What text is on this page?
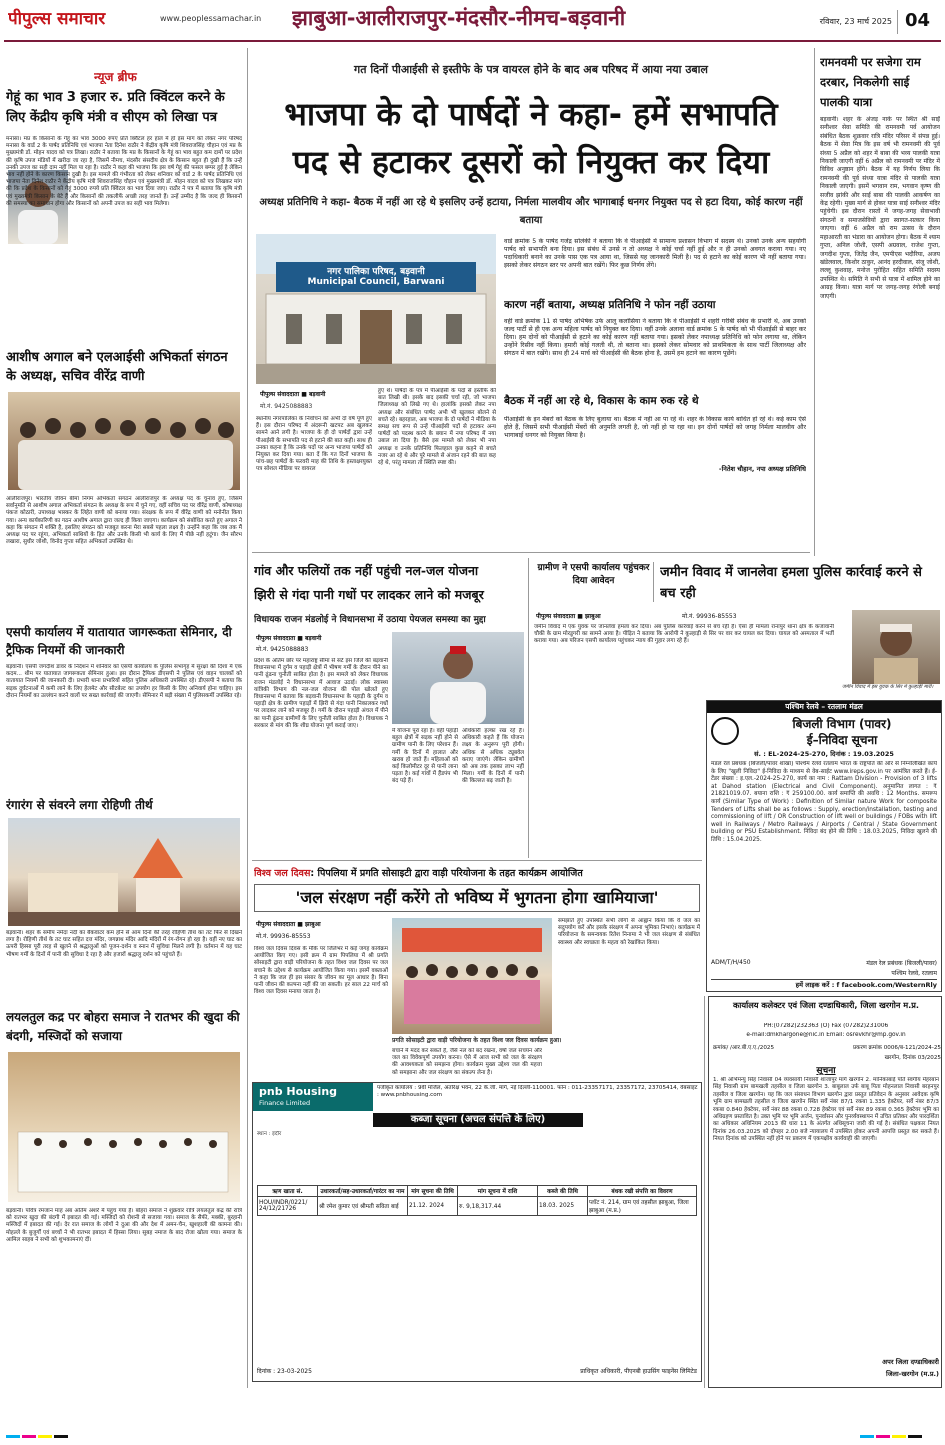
पीपुल्स समाचार	www.peoplessamachar.in	झाबुआ-आलीराजपुर-मंदसौर-नीमच-बड़वानी	रविवार, 23 मार्च 2025 04
न्यूज ब्रीफ
गेहूं का भाव 3 हजार रु. प्रति क्विंटल करने के लिए केंद्रीय कृषि मंत्री व सीएम को लिखा पत्र
मनासा। मप्र के किसानों के गेहूं का भाव 3000 रुपए प्रति क्विंटल हर हाल में हो इस मांग को लेकर नगर परिषद मनासा के वार्ड 2 के पार्षद प्रतिनिधि एवं भाजपा नेता दिनेश राठौर ने केंद्रीय कृषि मंत्री शिवराजसिंह चौहान एवं मप्र के मुख्यमंत्री डॉ. मोहन यादव को पत्र लिखा। राठौर ने बताया कि मप्र के किसानों के गेहूं का भाव बहुत कम दामों पर प्रदेश की कृषि उपज मंडियों में खरीदा जा रहा है, जिसमें नीमच, मंदसौर संसदीय क्षेत्र के किसान बहुत ही दुखी हैं कि उन्हें उनकी उपज का सही दाम नहीं मिल पा रहा है। राठौर ने कहा की भाजपा कि इस वर्ष गेहूं की फसल बम्पर हुई है लेकिन भाव नहीं होने के कारण किसान दुखी है। इस मामले की गंभीरता को लेकर शनिवार को वार्ड 2 के पार्षद प्रतिनिधि एवं भाजपा नेता दिनेश राठौर ने केंद्रीय कृषि मंत्री शिवराजसिंह चौहान एवं मुख्यमंत्री डॉ. मोहन यादव को पत्र लिखकर मांग की कि प्रदेश के किसानों को गेहूं 3000 रुपये प्रति क्विंटल का भाव दिया जाए। राठौर ने पत्र में बताया कि कृषि मंत्री एवं मुख्यमंत्री किसान के बेटे हैं और किसानों की तकलीफें अच्छी तरह जानते हैं। उन्हें उम्मीद है कि जल्द ही किसानों की समस्या का समाधान होगा और किसानों को अपनी उपज का सही भाव मिलेगा।
आशीष अगाल बने एलआईसी अभिकर्ता संगठन के अध्यक्ष, सचिव वीरेंद्र वाणी
आलीराजपुर। भारतीय जीवन बीमा निगम अभिकर्ता संगठन आलीराजपुर के अध्यक्ष पद के चुनाव हुए, जिसमें सर्वानुमति से आशीष अगाल अभिकर्ता संगठन के अध्यक्ष के रूप में चुने गए, वहीं सचिव पद पर वीरेंद्र वाणी, कोषाध्यक्ष पंकज कोठारी, उपाध्यक्ष भास्कर के लिहेत वाणी को बनाया गया। संरक्षक के रूप में वीरेंद्र वाणी को मनोनीत किया गया। अन्य कार्यकारिणी का गठन आशीष अगाल द्वारा जल्द ही किया जाएगा। कार्यक्रम को संबोधित करते हुए अगाल ने कहा कि संगठन में शक्ति है, इसलिए संगठन को मजबूत करना मेरा सबसे पहला लक्ष्य है। उन्होंने कहा कि जब तक मैं अध्यक्ष पद पर रहूंगा, अभिकर्ता साथियों के हित और उनके किसी भी कार्य के लिए मैं पीछे नहीं हटूंगा। जैन सौरभ लखारा, सुधीर जोशी, विनोद गुप्ता सहित अभिकर्ता उपस्थित थे।
एसपी कार्यालय में यातायात जागरूकता सेमिनार, दी ट्रैफिक नियमों की जानकारी
बड़वानी। एसपी जगदीश डावर के निर्देशन में शनिवार को एसपी कार्यालय के पुलिस सभागृह में सुरक्षा की दिशा में एक कदम... थीम पर यातायात जागरूकता सेमिनार हुआ। इस दौरान ट्रैफिक डीएसपी ने पुलिस एवं वाहन चालकों को यातायात नियमों की जानकारी दी। प्रभारी थाना प्रभारियों सहित पुलिस अधिकारी उपस्थित रहे। डीएसपी ने बताया कि सड़क दुर्घटनाओं में कमी लाने के लिए हेलमेट और सीटबेल्ट का उपयोग हर किसी के लिए अनिवार्य होना चाहिए। इस दौरान नियमों का उल्लंघन करने वालों पर सख्त कार्रवाई की जाएगी। सेमिनार में बड़ी संख्या में पुलिसकर्मी उपस्थित रहे।
रंगारंग से संवरने लगा रोहिणी तीर्थ
बड़वानी। शहर के समीप नर्मदा नदी का बैकवाटर कम होने से आम दिनों की तरह रोहिणी तीर्थ का तट फिर से दिखने लगा है। रोहिणी तीर्थ के तट घाट सहित दत्त मंदिर, जगन्नाथ मंदिर आदि मंदिरों में रंग-रोगन हो रहा है। वहीं नए घाट का ऊपरी हिस्सा पूरी तरह से खुलने से श्रद्धालुओं को पूजन-दर्शन व स्नान में सुविधा मिलने लगी है। वर्तमान में यह घाट भीषण गर्मी के दिनों में पानी की सुविधा दे रहा है और हजारों श्रद्धालु दर्शन को पहुंचते हैं।
लयलतुल कद्र पर बोहरा समाज ने रातभर की खुदा की बंदगी, मस्जिदों को सजाया
बड़वानी। पवित्र रमजान माह अब अंतिम अशरे में पहुंच गया है। बोहरा समाज ने शुक्रवार रात्रि लयलतुल कद्र की रात्रि को रातभर खुदा की बंदगी में इबादत की गई। मस्जिदों को रोशनी से सजाया गया। समाज के सैफी, मक्की, बुरहानी मस्जिदों में इबादत की गई। देर रात समाज के लोगों ने दुआ की और देश में अमन-चैन, खुशहाली की कामना की। मोहल्ले के बुजुर्गों एवं बच्चों ने भी रातभर इबादत में हिस्सा लिया। सुबह नमाज के बाद रोजा खोला गया। समाज के आमिल साहब ने सभी को शुभकामनाएं दीं।
गत दिनों पीआईसी से इस्तीफे के पत्र वायरल होने के बाद अब परिषद में आया नया उबाल
भाजपा के दो पार्षदों ने कहा- हमें सभापति
पद से हटाकर दूसरों को नियुक्त कर दिया
अध्यक्ष प्रतिनिधि ने कहा- बैठक में नहीं आ रहे थे इसलिए उन्हें हटाया, निर्मला मालवीय और भागाबाई धनगर नियुक्त पद से हटा दिया, कोई कारण नहीं बताया
नगर पालिका परिषद, बड़वानी
Municipal Council, Barwani
पीपुल्स संवाददाता ■ बड़वानी
मो.नं. 9425088883
स्थानीय नगरपालिका के निर्वाचन को अभी दो वर्ष पूर्ण हुए हैं। इस दौरान परिषद में अंदरूनी खटपट अब खुलकर सामने आने लगी है। भाजपा के ही दो पार्षदों द्वारा उन्हें पीआईसी के सभापति पद से हटाने की बात कही। साथ ही उनका कहना है कि उनके पदों पर अन्य भाजपा पार्षदों को नियुक्त कर दिया गया। बता दें कि गत दिनों भाजपा के पांच-छह पार्षदों के फरवरी माह की तिथि के हस्ताक्षरयुक्त पत्र सोशल मीडिया पर वायरल
हुए थे। पार्षदों के पत्र में पीआईसी के पदों से इस्तीफे की बात लिखी थी। इसके बाद इसकी चर्चा रही, जो भाजपा जिलाध्यक्ष को लिखे गए थे। हालांकि इसको लेकर नपा अध्यक्ष और संबंधित पार्षद अभी भी खुलकर बोलने से बचते रहे। बहरहाल, अब भाजपा के दो पार्षदों ने मीडिया के समक्ष सच रूप से उन्हें पीआईसी पदों से हटाकर अन्य पार्षदों को पदस्थ करने के बयान में नपा परिषद में नया उबाल ला दिया है। बैसे इस मामले को लेकर भी नपा अध्यक्ष व उनके प्रतिनिधि फिलहाल कुछ कहने से बचते नजर आ रहे थे और पूरे मामले से अंजान रहने की बात कह रहे थे, परंतु मामला तो स्थिति स्पष्ट की।
वार्ड क्रमांक 5 के पार्षद गजेंद्र सोलंकी ने बताया कि वे पीआईसी में सामान्य प्रशासन विभाग में सदस्य थे। उनको उनके अन्य सहयोगी पार्षद को सभापति बना दिया। इस संबंध में उनसे न तो अध्यक्ष ने कोई चर्चा नहीं हुई और न ही उनको अवगत कराया गया। नए पदाधिकारी बनाने का उनके पास एक पत्र आया था, जिससे यह जानकारी मिली है। पद से हटाने का कोई कारण भी नहीं बताया गया। इसको लेकर संगठन स्तर पर अपनी बात रखेंगे। फिर कुछ निर्णय लेंगे।
कारण नहीं बताया, अध्यक्ष प्रतिनिधि ने फोन नहीं उठाया
वहीं वार्ड क्रमांक 11 से पार्षद अभिषेक उर्फ आलू कलोसिया ने बताया कि वे पीआईसी में शहरी गरीबी संबंध के प्रभारी थे, अब उनको जल्द पार्टी से ही एक अन्य महिला पार्षद को नियुक्त कर दिया। वहीं उनके अलावा वार्ड क्रमांक 5 के पार्षद को भी पीआईसी से बाहर कर दिया। हम दोनों को पीआईसी से हटाने का कोई कारण नहीं बताया गया। इसको लेकर नपाध्यक्ष प्रतिनिधि को फोन लगाया था, लेकिन उन्होंने रिसीव नहीं किया। हमारी कोई गलती थी, तो बताना था। इसको लेकर सोमवार को प्राथमिकता के साथ पार्टी जिलाध्यक्ष और संगठन में बात रखेंगे। साथ ही 24 मार्च को पीआईसी की बैठक होना है, उसमें हम हटाने का कारण पूछेंगे।
बैठक में नहीं आ रहे थे, विकास के काम रुक रहे थे
पीआईसी के इन मेंबरों को बैठक के लिए बुलाया था। बैठक में नहीं आ पा रहे थे। शहर के विकास कार्य बाधित हो रहे थे। कई काम ऐसे होते हैं, जिसमें सभी पीआईसी मेंबरों की अनुमति लगती है, जो नहीं हो पा रहा था। इन दोनों पार्षदों को जगह निर्मला मालवीय और भागाबाई धनगर को नियुक्त किया है।
-नितेश चौहान, नपा अध्यक्ष प्रतिनिधि
रामनवमी पर सजेगा राम दरबार, निकलेगी साई पालकी यात्रा
बड़वानी। शहर के अंजड़ नाके पर स्थित श्री साईं सनीश्वर सेवा समिति की रामनवमी पर्व आयोजन संबंधित बैठक शुक्रवार रात्रि मंदिर परिसर में संपन्न हुई। बैठक में सेवा मित्र कि इस वर्ष भी रामनवमी की पूर्व संध्या 5 अप्रैल को शहर में बाबा की भव्य पालकी यात्रा निकाली जाएगी वहीं 6 अप्रैल को रामनवमी पर मंदिर में विविध अनुष्ठान होंगे। बैठक में यह निर्णय लिया कि रामनवमी की पूर्व संध्या यात्रा मंदिर से पालकी यात्रा निकाली जाएगी। इसमें भगवान राम, भगवान कृष्ण की सजीव झांकी और साईं बाबा की पालकी आकर्षण का केंद्र रहेगी। मुख्य मार्ग से होकर यात्रा साई सनीश्वर मंदिर पहुंचेगी। इस दौरान रास्तों में जगह-जगह सेवाभावी संगठनों व समाजसेवियों द्वारा स्वागत-सत्कार किया जाएगा। वहीं 6 अप्रैल को राम उत्सव के दौरान महाआरती का भंडारा का आयोजन होगा। बैठक में श्याम गुप्ता, अनिल जोशी, एसपी अग्रवाल, राजेश गुप्ता, जगदीश गुप्ता, जितेंद्र जैन, एमपीएस भदौरिया, अजय खंडेलवाल, किशोर ठाकुर, आनंद हरदीवाल, संजू जोशी, लल्लू कुशवाह, मनोज पुरोहित सहित समिति सदस्य उपस्थित थे। समिति ने सभी से यात्रा में शामिल होने का आग्रह किया। यात्रा मार्ग पर जगह-जगह रंगोली बनाई जाएगी।
गांव और फलियों तक नहीं पहुंची नल-जल योजना
झिरी से गंदा पानी गधों पर लादकर लाने को मजबूर
विधायक राजन मंडलोई ने विधानसभा में उठाया पेयजल समस्या का मुद्दा
पीपुल्स संवाददाता ■ बड़वानी
मो.नं. 9425088883
प्रदेश के अंतिम छोर पर महाराष्ट्र सीमा से सटे इस जिले की बड़वानी विधानसभा में दुर्गम व पहाड़ी क्षेत्रों में भीषण गर्मी के दौरान पीने का पानी ढूंढना चुनौती साबित होता है। इस मामले को लेकर विधायक राजन मंडलोई ने विधानसभा में आवाज उठाई। लोक स्वास्थ्य यांत्रिकी विभाग की नल-जल योजना की पोल खोलते हुए विधानसभा में बताया कि बड़वानी विधानसभा के पहाड़ी के दुर्गम व पहाड़ी क्षेत्र के ग्रामीण पहाड़ों में झिरी से गंदा पानी निकालकर गधों पर लादकर लाने को मजबूर हैं। गर्मी के दौरान पहाड़ी अंचल में पीने का पानी ढूंढना ग्रामीणों के लिए चुनौती साबित होता है। विधायक ने सरकार से मांग की कि शीघ्र योजना पूर्ण कराई जाए।
में योजना पूरा रहा है। वहीं पहाड़ी बहुल क्षेत्रों में सड़क नहीं होने से ग्रामीण पानी के लिए परेशान हैं। गर्मी के दिनों में हालात और खराब हो जाते हैं। महिलाओं को कई किलोमीटर दूर से पानी लाना पड़ता है। कई गांवों में हैंडपंप भी बंद पड़े हैं।
अधिकारी हल्का रख रहे हैं। अधिकारी कहते हैं कि योजना लक्ष्य के अनुरूप पूरी होगी। अधिक से अधिक ट्यूबवेल कराए जाएंगे। लेकिन ग्रामीणों को अब तक इसका लाभ नहीं मिला। गर्मी के दिनों में पानी की किल्लत बढ़ जाती है।
ग्रामीण ने एसपी कार्यालय पहुंचकर दिया आवेदन
जमीन विवाद में जानलेवा हमला पुलिस कार्रवाई करने से बच रही
पीपुल्स संवाददाता ■ झाबुआ	मो.नं. 99936-85553
जमीन विवाद में एक युवक पर जानलेवा हमला कर दिया। अब पुलिस कार्रवाई करने से बच रही है। ऐसा ही मामला रानापुर थाना क्षेत्र के कंजावानी चौकी के ग्राम मोरडूगरी का सामने आया है। पीड़ित ने बताया कि आरोपी ने कुल्हाड़ी से सिर पर वार कर घायल कर दिया। घायल को अस्पताल में भर्ती कराया गया। अब परिजन एसपी कार्यालय पहुंचकर न्याय की गुहार लगा रहे हैं।
जमीन विवाद में इस युवक के सिर में कुल्हाड़ी मारी।
पश्चिम रेलवे – रतलाम मंडल
बिजली विभाग (पावर)
ई–निविदा सूचना
सं. : EL-2024-25-270, दिनांक : 19.03.2025
मंडल रेल प्रबंधक (बिजली/पॉवर शाखा) पश्चिम रेलवे रतलाम भारत के राष्ट्रपति की ओर से निम्नलिखित कार्य के लिए "खुली निविदा" ई-निविदा के माध्यम से वेब-साईट www.ireps.gov.in पर आमंत्रित करते हैं। ई-टेंडर संख्या : इ.एल.-2024-25-270, कार्य का नाम : Rattam Division - Provision of 3 lifts at Dahod station (Electrical and Civil Component). अनुमानित लागत : ₹ 21821019.07. बयाना राशि : ₹ 259100.00. कार्य समाप्ति की अवधि : 12 Months. समरूप कार्य (Similar Type of Work) : Definition of Similar nature Work for composite Tenders of Lifts shall be as follows : Supply, erection/installation, testing and commissioning of lift / OR Construction of lift well or buildings / FOBs with lift well in Railways / Metro Railways / Airports / Central / State Government building or PSU Establishment. निविदा बंद होने की तिथि : 18.03.2025, निविदा खुलने की तिथि : 15.04.2025.
ADM/T/H/450	मंडल रेल प्रबंधक (बिजली/पावर)
पश्चिम रेलवे, रतलाम
हमें लाइक करें : f facebook.com/WesternRly
विश्व जल दिवस: पिपलिया में प्रगति सोसाइटी द्वारा वाड़ी परियोजना के तहत कार्यक्रम आयोजित
'जल संरक्षण नहीं करेंगे तो भविष्य में भुगतना होगा खामियाजा'
पीपुल्स संवाददाता ■ झाबुआ
मो.नं. 99936-85553
प्रगति सोसाइटी द्वारा वाड़ी परियोजना के तहत विश्व जल दिवस कार्यक्रम हुआ।
विश्व जल दिवस दिवस के मौके पर जिलेभर में कई जगह कार्यक्रम आयोजित किए गए। इसी क्रम में ग्राम पिपलिया में श्री प्रगति सोसाइटी द्वारा वाड़ी परियोजना के तहत विश्व जल दिवस पर जल बचाने के उद्देश्य से कार्यक्रम आयोजित किया गया। इसमें वक्ताओं ने कहा कि जल ही इस संसार के जीवन का मूल आधार है। बिना पानी जीवन की कल्पना नहीं की जा सकती। हर साल 22 मार्च को विश्व जल दिवस मनाया जाता है।
बचाने में मदद कर सकते हैं, जैसे नल को बंद रखना, वर्षा जल संचयन और जल का विवेकपूर्ण उपयोग करना। ऐसे में आज सभी को जल के संरक्षण की आवश्यकता को समझना होगा। कार्यक्रम मुख्य उद्देश्य जल की महत्ता को समझाना और जल संरक्षण का संकल्प लेना है।
समझाते हुए उपस्थित सभी लोगों से आह्वान किया कि वे जल का सदुपयोग करें और इसके संरक्षण में अपना भूमिका निभाएं। कार्यक्रम में परियोजना के समन्वयक रितेश निनामा ने भी जल संरक्षण से संबंधित स्वास्थ्य और स्वच्छता के महत्व को रेखांकित किया।
pnb Housing
Finance Limited
पंजीकृत कार्यालय : 9वीं मंजिल, अंतरिक्ष भवन, 22 के.जी. मार्ग, नई दिल्ली-110001. फोन : 011-23357171, 23357172, 23705414, वेबसाइट : www.pnbhousing.com
कब्जा सूचना (अचल संपत्ति के लिए)
स्थान : इंदौर
ऋण खाता सं.	उधारकर्ता/सह-उधारकर्ता/गारंटर का नाम	मांग सूचना की तिथि	मांग सूचना में राशि	कब्जे की तिथि	बंधक रखी संपत्ति का विवरण
HOU/INDR/0221/ 24/12/21726	श्री रमेश कुमार एवं श्रीमती सविता बाई	21.12. 2024	रु. 9,18,317.44	18.03. 2025	प्लॉट नं. 214, ग्राम एवं तहसील झाबुआ, जिला झाबुआ (म.प्र.)
दिनांक : 23-03-2025	प्राधिकृत अधिकारी, पीएनबी हाउसिंग फाइनेंस लिमिटेड
कार्यालय कलेक्टर एवं जिला दण्डाधिकारी, जिला खरगोन म.प्र.
PH:(07282)232363 (O) Fax (07282)231006
e-mail:dmkhargone@nic.in Email: osrevkhr@mp.gov.in
क्रमांक/ /आर.बी.ए.ए./2025	प्रकरण क्रमांक 0006/ब-121/2024-25
खरगोन, दिनांक 03/2025
सूचना
1. श्री अभिमन्यु सिंह निवासी 04 व्यवसायी निवासी शाजापुर मार्ग खरगोन 2. मानिकाबाई पति स्वर्गीय मेहरबान सिंह निवासी ग्राम बामखली तहसील व जिला खरगोन 3. बाबूलाल उर्फ बाबू पिता मोहनलाल निवासी बरहनपुर तहसील व जिला खरगोन। यह कि जल संसाधन विभाग खरगोन द्वारा प्रस्तुत प्रतिवेदन के अनुसार आवेदक कृषि भूमि ग्राम बामखली तहसील व जिला खरगोन स्थित सर्वे नंबर 87/1 रकबा 1.335 हेक्टेयर, सर्वे नंबर 87/3 रकबा 0.840 हेक्टेयर, सर्वे नंबर 88 रकबा 0.728 हेक्टेयर एवं सर्वे नंबर 89 रकबा 0.365 हेक्टेयर भूमि का अधिग्रहण प्रस्तावित है। उक्त भूमि पर भूमि अर्जन, पुनर्वासन और पुनर्व्यवस्थापन में उचित प्रतिकर और पारदर्शिता का अधिकार अधिनियम 2013 की धारा 11 के अंतर्गत अधिसूचना जारी की गई है। संबंधित पक्षकार नियत दिनांक 26.03.2025 को दोपहर 2.00 बजे न्यायालय में उपस्थित होकर अपनी आपत्ति प्रस्तुत कर सकते हैं। नियत दिनांक को उपस्थित नहीं होने पर प्रकरण में एकपक्षीय कार्यवाही की जाएगी।
अपर जिला दण्डाधिकारी
जिला-खरगोन (म.प्र.)
